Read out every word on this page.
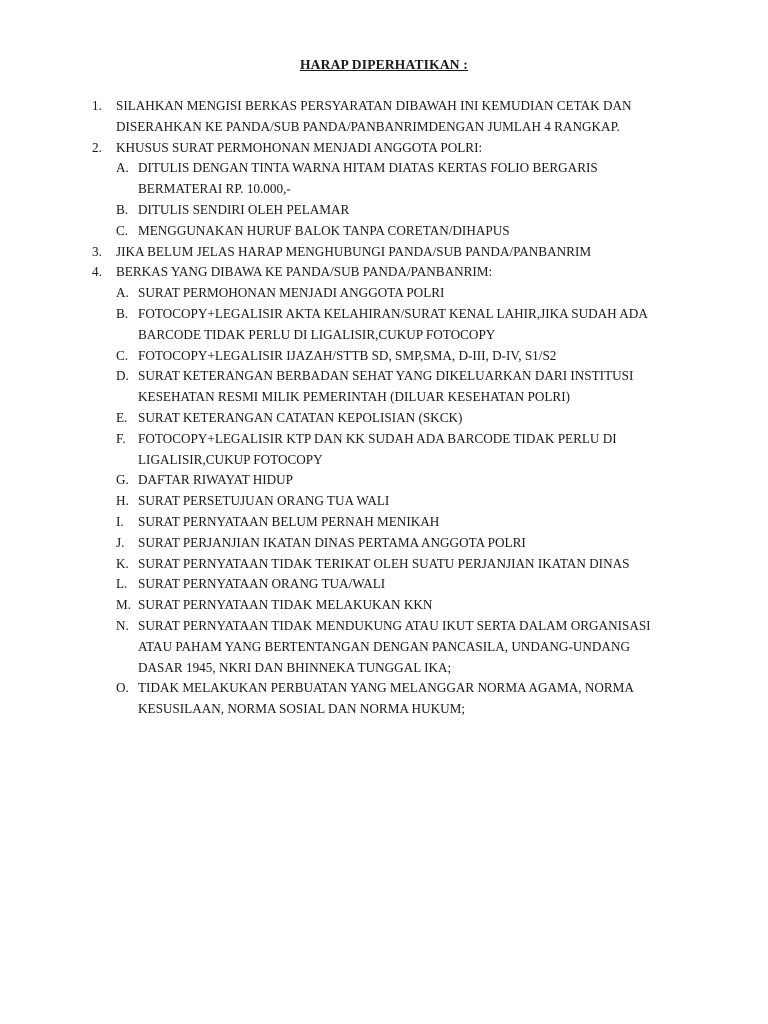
HARAP DIPERHATIKAN :
1. SILAHKAN MENGISI BERKAS PERSYARATAN DIBAWAH INI KEMUDIAN CETAK DAN DISERAHKAN KE PANDA/SUB PANDA/PANBANRIMDENGAN JUMLAH 4 RANGKAP.
2. KHUSUS SURAT PERMOHONAN MENJADI ANGGOTA POLRI:
A. DITULIS DENGAN TINTA WARNA HITAM DIATAS KERTAS FOLIO BERGARIS BERMATERAI RP. 10.000,-
B. DITULIS SENDIRI OLEH PELAMAR
C. MENGGUNAKAN HURUF BALOK TANPA CORETAN/DIHAPUS
3. JIKA BELUM JELAS HARAP MENGHUBUNGI PANDA/SUB PANDA/PANBANRIM
4. BERKAS YANG DIBAWA KE PANDA/SUB PANDA/PANBANRIM:
A. SURAT PERMOHONAN MENJADI ANGGOTA POLRI
B. FOTOCOPY+LEGALISIR AKTA KELAHIRAN/SURAT KENAL LAHIR,JIKA SUDAH ADA BARCODE TIDAK PERLU DI LIGALISIR,CUKUP FOTOCOPY
C. FOTOCOPY+LEGALISIR IJAZAH/STTB SD, SMP,SMA, D-III, D-IV, S1/S2
D. SURAT KETERANGAN BERBADAN SEHAT YANG DIKELUARKAN DARI INSTITUSI KESEHATAN RESMI MILIK PEMERINTAH (DILUAR KESEHATAN POLRI)
E. SURAT KETERANGAN CATATAN KEPOLISIAN (SKCK)
F. FOTOCOPY+LEGALISIR KTP DAN KK SUDAH ADA BARCODE TIDAK PERLU DI LIGALISIR,CUKUP FOTOCOPY
G. DAFTAR RIWAYAT HIDUP
H. SURAT PERSETUJUAN ORANG TUA WALI
I. SURAT PERNYATAAN BELUM PERNAH MENIKAH
J. SURAT PERJANJIAN IKATAN DINAS PERTAMA ANGGOTA POLRI
K. SURAT PERNYATAAN TIDAK TERIKAT OLEH SUATU PERJANJIAN IKATAN DINAS
L. SURAT PERNYATAAN ORANG TUA/WALI
M. SURAT PERNYATAAN TIDAK MELAKUKAN KKN
N. SURAT PERNYATAAN TIDAK MENDUKUNG ATAU IKUT SERTA DALAM ORGANISASI ATAU PAHAM YANG BERTENTANGAN DENGAN PANCASILA, UNDANG-UNDANG DASAR 1945, NKRI DAN BHINNEKA TUNGGAL IKA;
O. TIDAK MELAKUKAN PERBUATAN YANG MELANGGAR NORMA AGAMA, NORMA KESUSILAAN, NORMA SOSIAL DAN NORMA HUKUM;
